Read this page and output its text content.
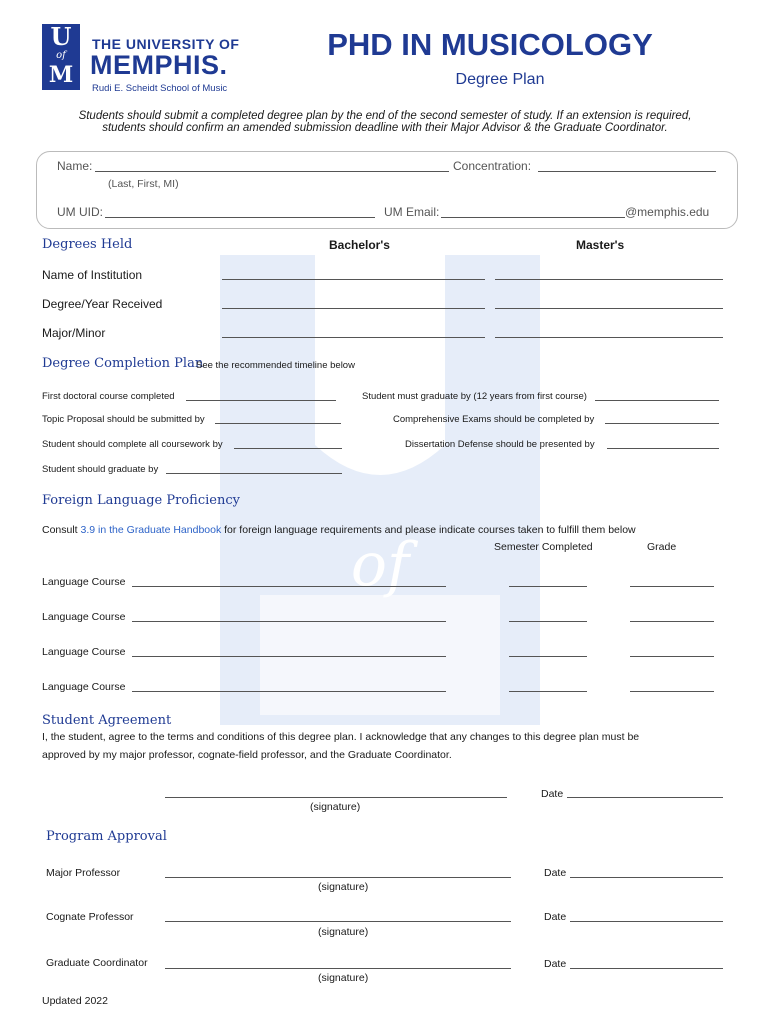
of
U
of
M
THE UNIVERSITY OF
MEMPHIS.
Rudi E. Scheidt School of Music
PHD IN MUSICOLOGY
Degree Plan
Students should submit a completed degree plan by the end of the second semester of study. If an extension is required,
students should confirm an amended submission deadline with their Major Advisor & the Graduate Coordinator.
Name:	Concentration:
(Last, First, MI)
UM UID:	UM Email:	@memphis.edu
Degrees Held	Bachelor's	Master's
Name of Institution
Degree/Year Received
Major/Minor
Degree Completion Plan
See the recommended timeline below
First doctoral course completed	Student must graduate by (12 years from first course)
Topic Proposal should be submitted by	Comprehensive Exams should be completed by
Student should complete all coursework by	Dissertation Defense should be presented by
Student should graduate by
Foreign Language Proficiency
Consult 3.9 in the Graduate Handbook for foreign language requirements and please indicate courses taken to fulfill them below
Semester Completed	Grade
Language Course
Language Course
Language Course
Language Course
Student Agreement
I, the student, agree to the terms and conditions of this degree plan. I acknowledge that any changes to this degree plan must be
approved by my major professor, cognate-field professor, and the Graduate Coordinator.
(signature)
Date
Program Approval
Major Professor
(signature)
Date
Cognate Professor
(signature)
Date
Graduate Coordinator
(signature)
Date
Updated 2022
